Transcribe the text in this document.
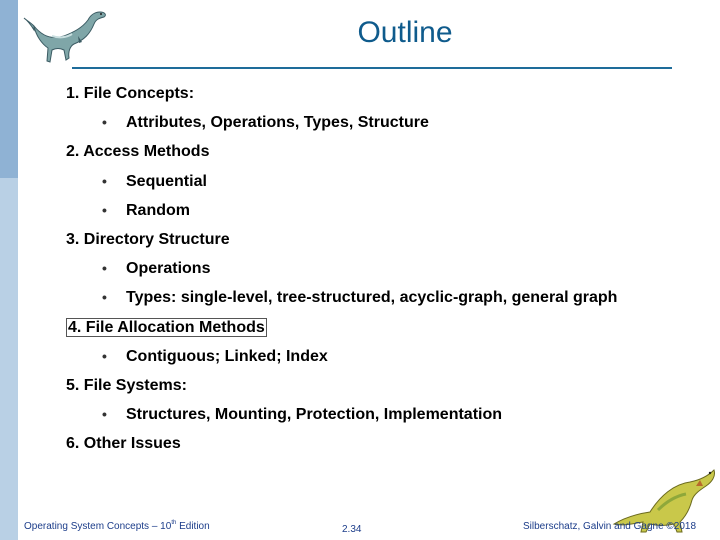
Outline
1. File Concepts:
• Attributes, Operations, Types, Structure
2. Access Methods
• Sequential
• Random
3. Directory Structure
• Operations
• Types: single-level, tree-structured, acyclic-graph, general graph
4. File Allocation Methods
• Contiguous; Linked; Index
5. File Systems:
• Structures, Mounting, Protection, Implementation
6. Other Issues
Operating System Concepts – 10th Edition	2.34	Silberschatz, Galvin and Gagne ©2018
